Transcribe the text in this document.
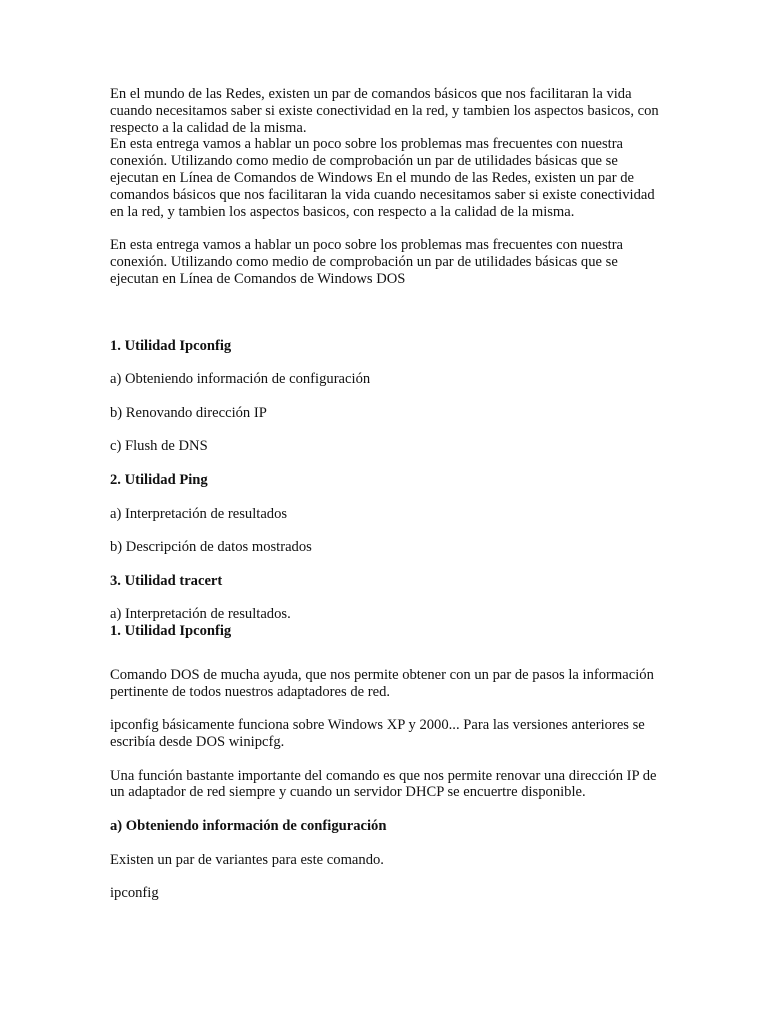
En el mundo de las Redes, existen un par de comandos básicos que nos facilitaran la vida cuando necesitamos saber si existe conectividad en la red, y tambien los aspectos basicos, con respecto a la calidad de la misma.

En esta entrega vamos a hablar un poco sobre los problemas mas frecuentes con nuestra conexión. Utilizando como medio de comprobación un par de utilidades básicas que se ejecutan en Línea de Comandos de Windows En el mundo de las Redes, existen un par de comandos básicos que nos facilitaran la vida cuando necesitamos saber si existe conectividad en la red, y tambien los aspectos basicos, con respecto a la calidad de la misma.

En esta entrega vamos a hablar un poco sobre los problemas mas frecuentes con nuestra conexión. Utilizando como medio de comprobación un par de utilidades básicas que se ejecutan en Línea de Comandos de Windows DOS

1. Utilidad Ipconfig

a) Obteniendo información de configuración

b) Renovando dirección IP

c) Flush de DNS

2. Utilidad Ping

a) Interpretación de resultados

b) Descripción de datos mostrados

3. Utilidad tracert

a) Interpretación de resultados.

1. Utilidad Ipconfig

Comando DOS de mucha ayuda, que nos permite obtener con un par de pasos la información pertinente de todos nuestros adaptadores de red.

ipconfig básicamente funciona sobre Windows XP y 2000... Para las versiones anteriores se escribía desde DOS winipcfg.

Una función bastante importante del comando es que nos permite renovar una dirección IP de un adaptador de red siempre y cuando un servidor DHCP se encuertre disponible.

a) Obteniendo información de configuración

Existen un par de variantes para este comando.

ipconfig
